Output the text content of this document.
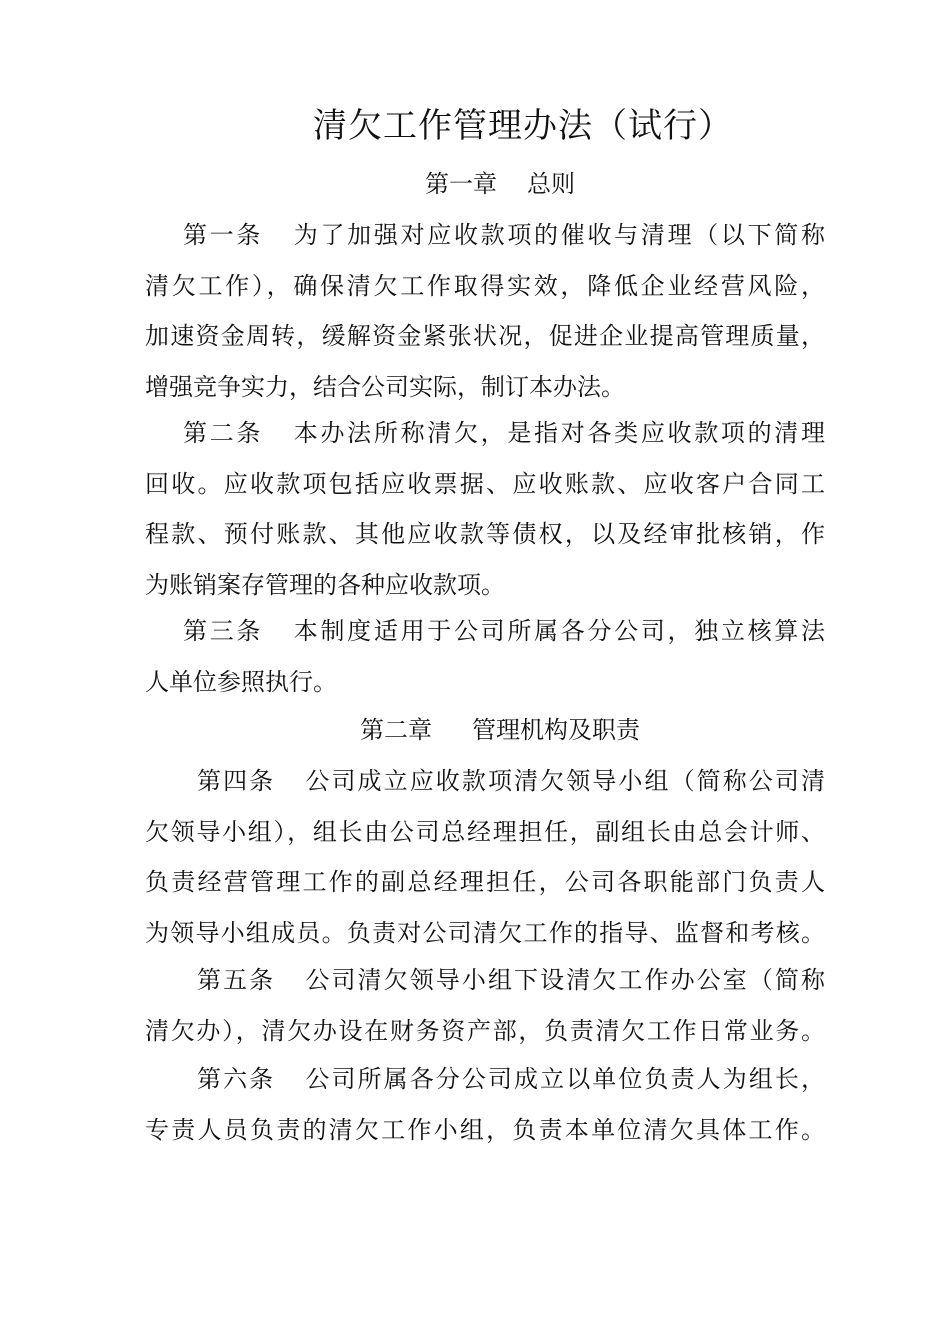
清欠工作管理办法（试行）
第一章 总则
第一条 为了加强对应收款项的催收与清理（以下简称
清欠工作），确保清欠工作取得实效，降低企业经营风险，
加速资金周转，缓解资金紧张状况，促进企业提高管理质量，
增强竞争实力，结合公司实际，制订本办法。
第二条 本办法所称清欠，是指对各类应收款项的清理
回收。应收款项包括应收票据、应收账款、应收客户合同工
程款、预付账款、其他应收款等债权，以及经审批核销，作
为账销案存管理的各种应收款项。
第三条 本制度适用于公司所属各分公司，独立核算法
人单位参照执行。
第二章 管理机构及职责
第四条 公司成立应收款项清欠领导小组（简称公司清
欠领导小组），组长由公司总经理担任，副组长由总会计师、
负责经营管理工作的副总经理担任，公司各职能部门负责人
为领导小组成员。负责对公司清欠工作的指导、监督和考核。
第五条 公司清欠领导小组下设清欠工作办公室（简称
清欠办），清欠办设在财务资产部，负责清欠工作日常业务。
第六条 公司所属各分公司成立以单位负责人为组长，
专责人员负责的清欠工作小组，负责本单位清欠具体工作。
